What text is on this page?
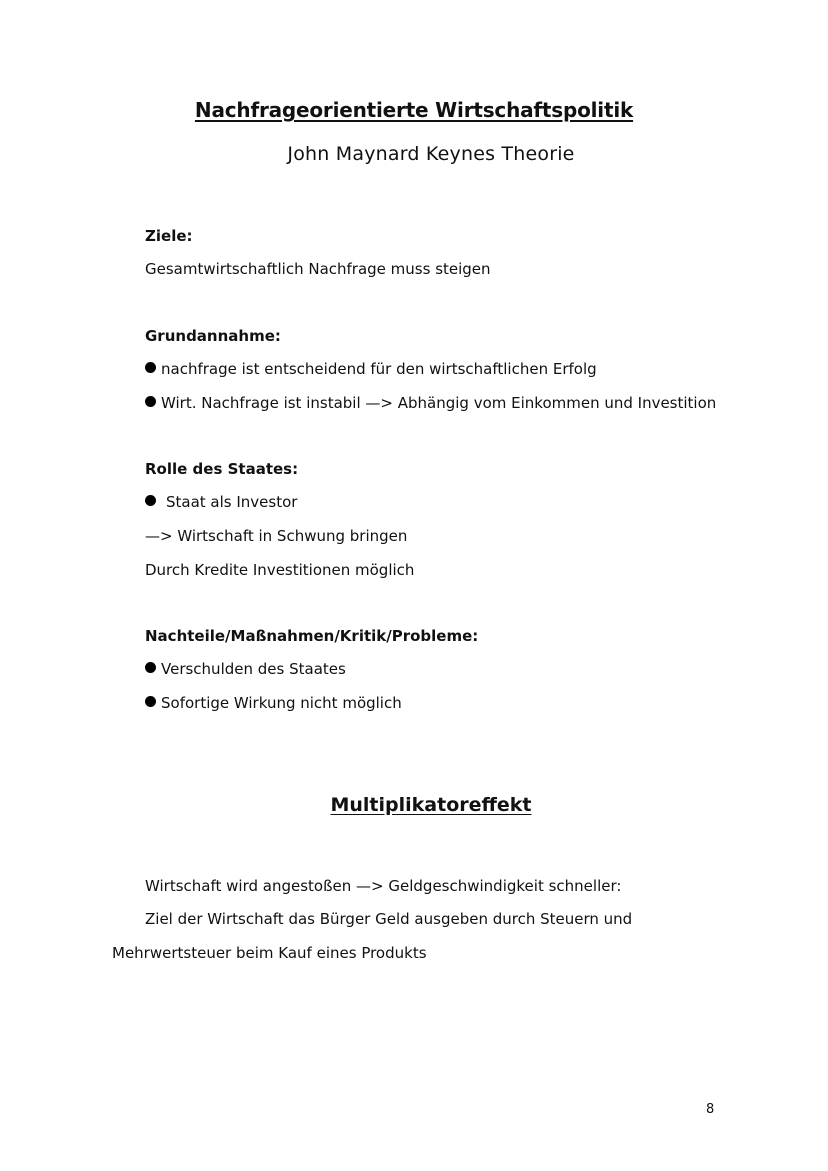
Nachfrageorientierte Wirtschaftspolitik
John Maynard Keynes Theorie
Ziele:
Gesamtwirtschaftlich Nachfrage muss steigen
Grundannahme:
nachfrage ist entscheidend für den wirtschaftlichen Erfolg
Wirt. Nachfrage ist instabil —> Abhängig vom Einkommen und Investition
Rolle des Staates:
Staat als Investor
—> Wirtschaft in Schwung bringen
Durch Kredite Investitionen möglich
Nachteile/Maßnahmen/Kritik/Probleme:
Verschulden des Staates
Sofortige Wirkung nicht möglich
Multiplikatoreffekt
Wirtschaft wird angestoßen —> Geldgeschwindigkeit schneller:
Ziel der Wirtschaft das Bürger Geld ausgeben durch Steuern und
Mehrwertsteuer beim Kauf eines Produkts
8
